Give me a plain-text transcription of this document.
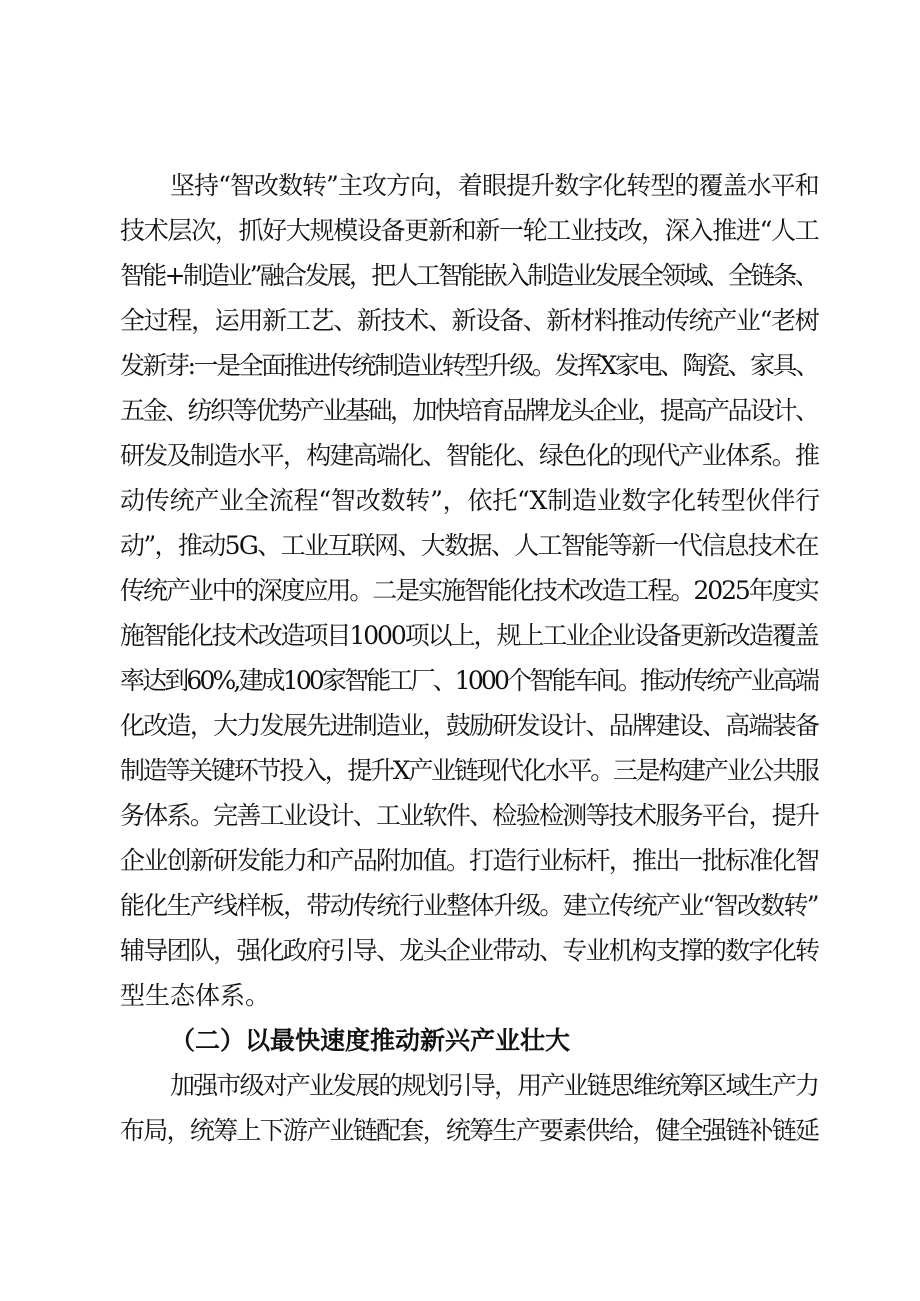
坚持“智改数转”主攻方向，着眼提升数字化转型的覆盖水平和
技术层次，抓好大规模设备更新和新一轮工业技改，深入推进“人工
智能+制造业”融合发展，把人工智能嵌入制造业发展全领域、全链条、
全过程，运用新工艺、新技术、新设备、新材料推动传统产业“老树
发新芽:一是全面推进传统制造业转型升级。发挥X家电、陶瓷、家具、
五金、纺织等优势产业基础，加快培育品牌龙头企业，提高产品设计、
研发及制造水平，构建高端化、智能化、绿色化的现代产业体系。推
动传统产业全流程“智改数转”，依托“X制造业数字化转型伙伴行
动”，推动5G、工业互联网、大数据、人工智能等新一代信息技术在
传统产业中的深度应用。二是实施智能化技术改造工程。2025年度实
施智能化技术改造项目1000项以上，规上工业企业设备更新改造覆盖
率达到60%,建成100家智能工厂、1000个智能车间。推动传统产业高端
化改造，大力发展先进制造业，鼓励研发设计、品牌建设、高端装备
制造等关键环节投入，提升X产业链现代化水平。三是构建产业公共服
务体系。完善工业设计、工业软件、检验检测等技术服务平台，提升
企业创新研发能力和产品附加值。打造行业标杆，推出一批标准化智
能化生产线样板，带动传统行业整体升级。建立传统产业“智改数转”
辅导团队，强化政府引导、龙头企业带动、专业机构支撑的数字化转
型生态体系。
（二）以最快速度推动新兴产业壮大
加强市级对产业发展的规划引导，用产业链思维统筹区域生产力
布局，统筹上下游产业链配套，统筹生产要素供给，健全强链补链延
